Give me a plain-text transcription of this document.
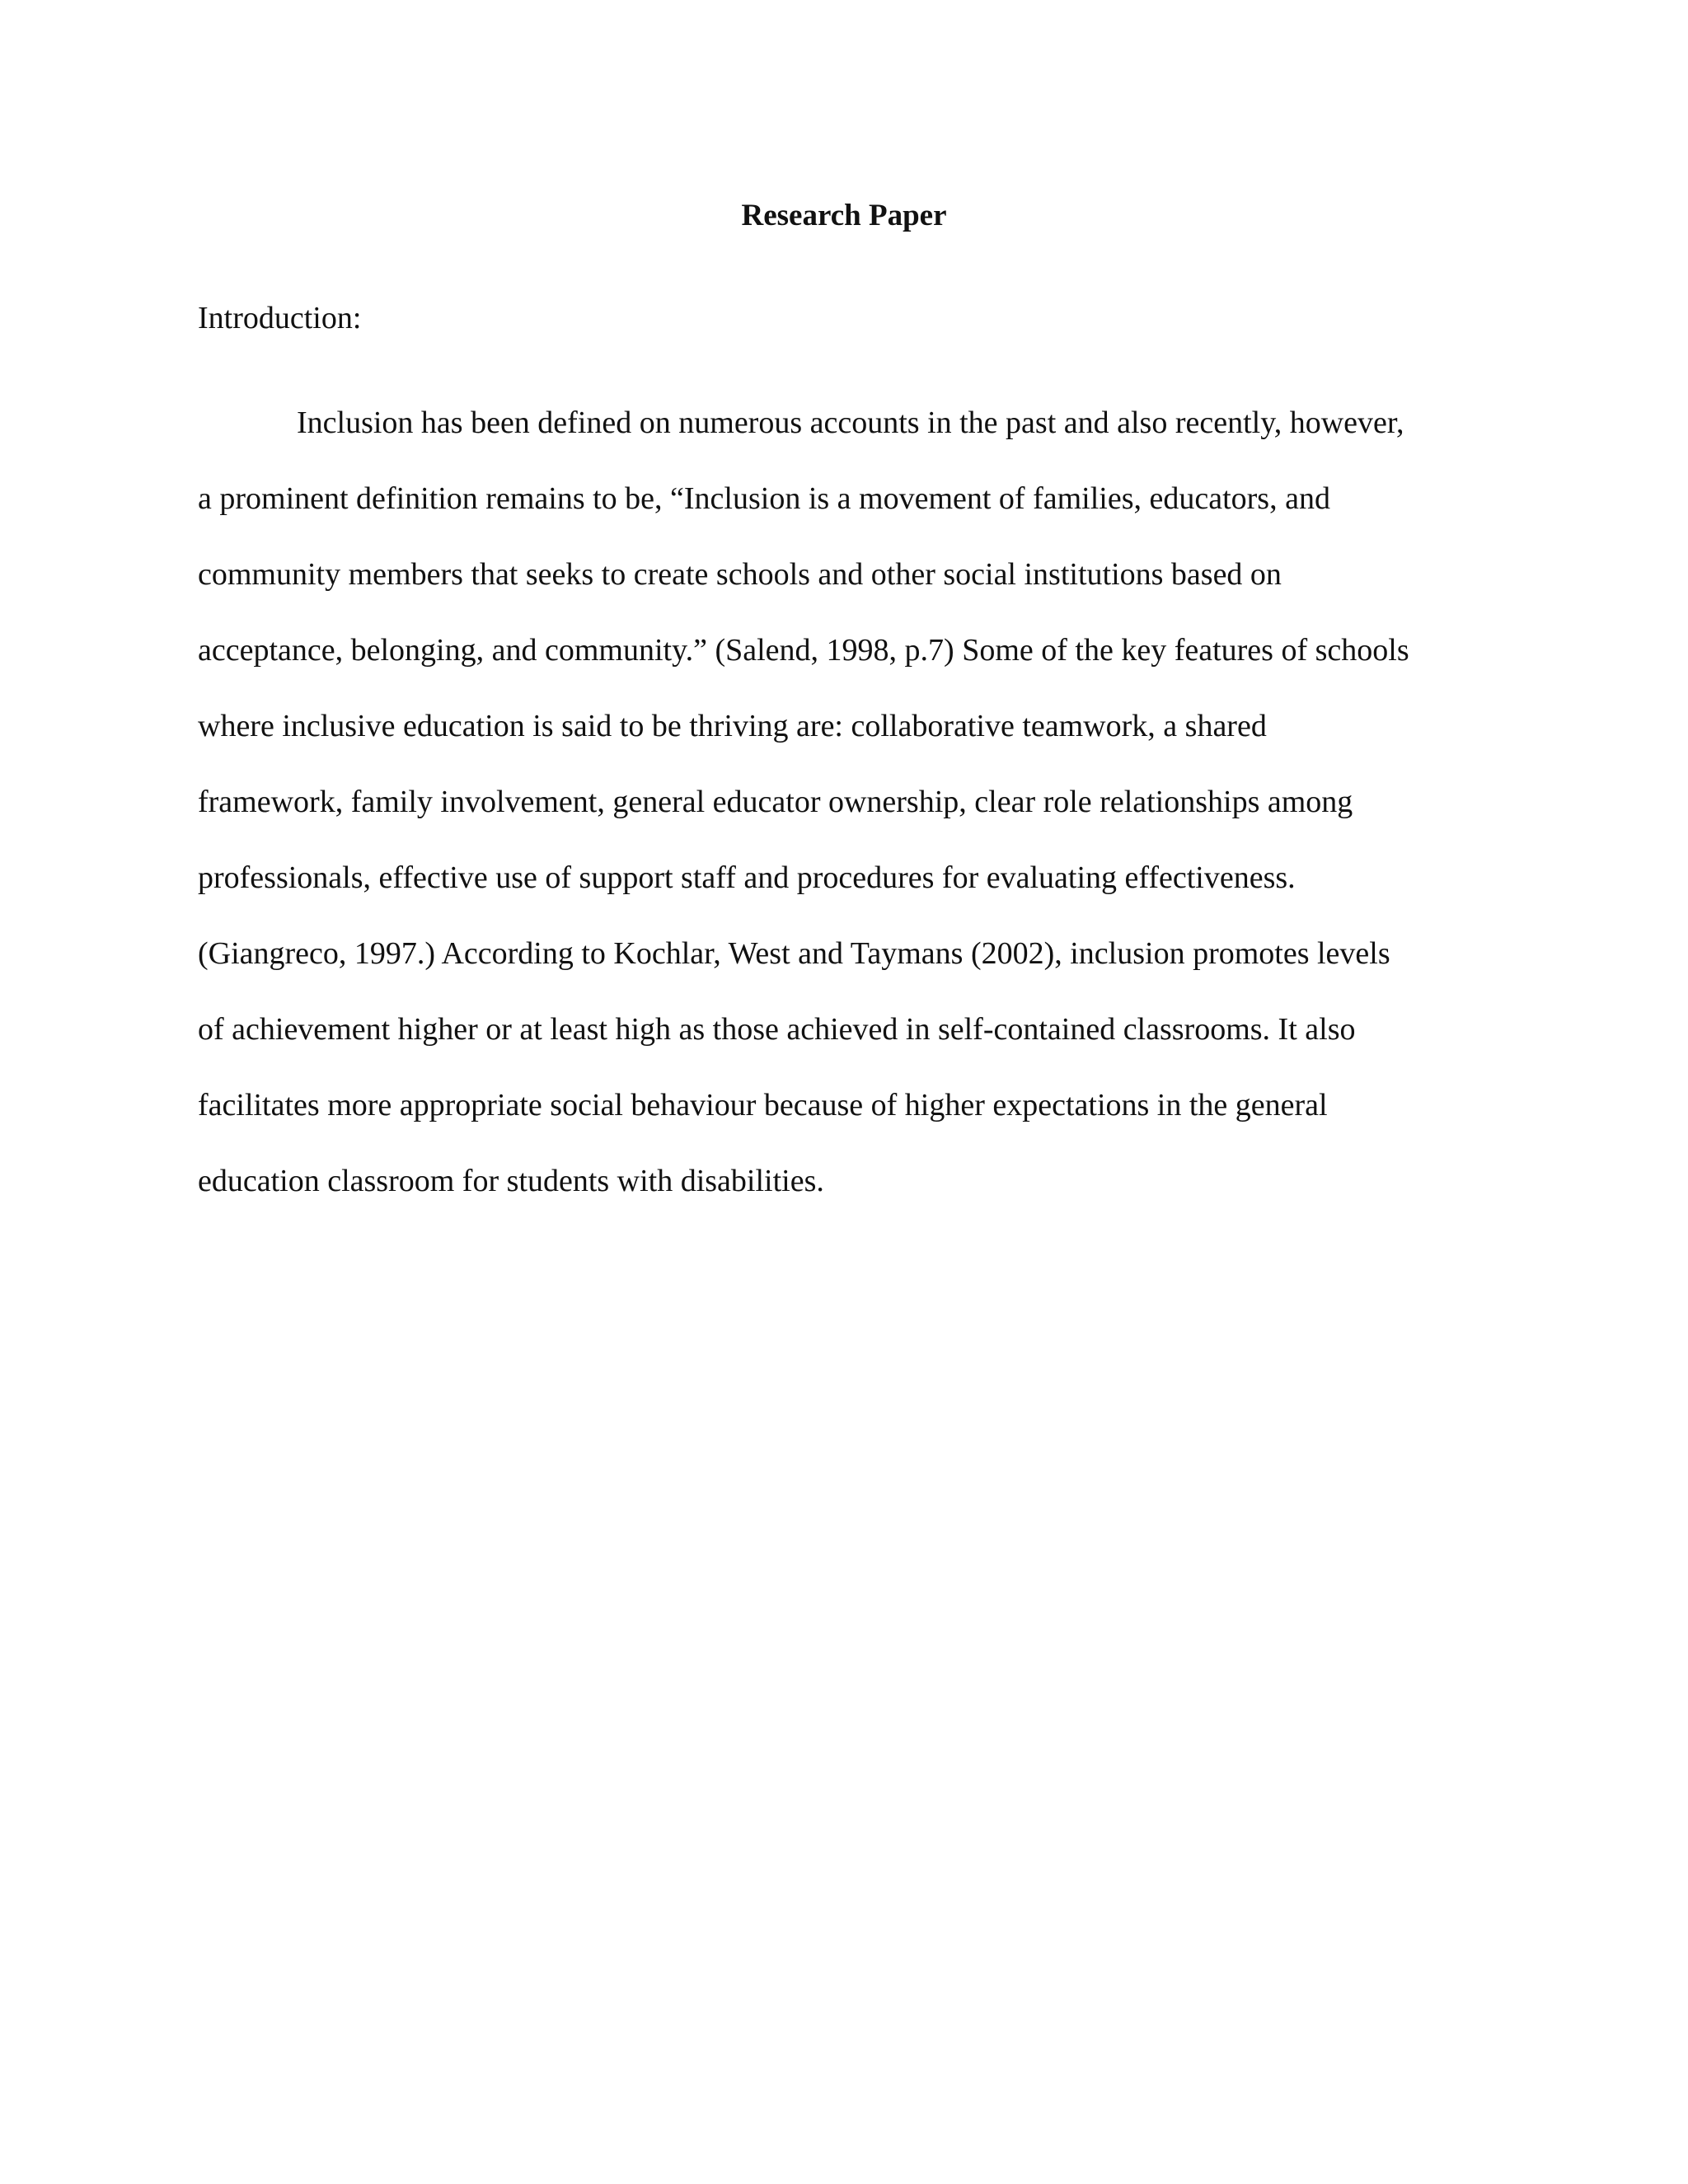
Research Paper

Introduction:

Inclusion has been defined on numerous accounts in the past and also recently, however,
a prominent definition remains to be, “Inclusion is a movement of families, educators, and
community members that seeks to create schools and other social institutions based on
acceptance, belonging, and community.” (Salend, 1998, p.7) Some of the key features of schools
where inclusive education is said to be thriving are: collaborative teamwork, a shared
framework, family involvement, general educator ownership, clear role relationships among
professionals, effective use of support staff and procedures for evaluating effectiveness.
(Giangreco, 1997.) According to Kochlar, West and Taymans (2002), inclusion promotes levels
of achievement higher or at least high as those achieved in self-contained classrooms. It also
facilitates more appropriate social behaviour because of higher expectations in the general
education classroom for students with disabilities.
